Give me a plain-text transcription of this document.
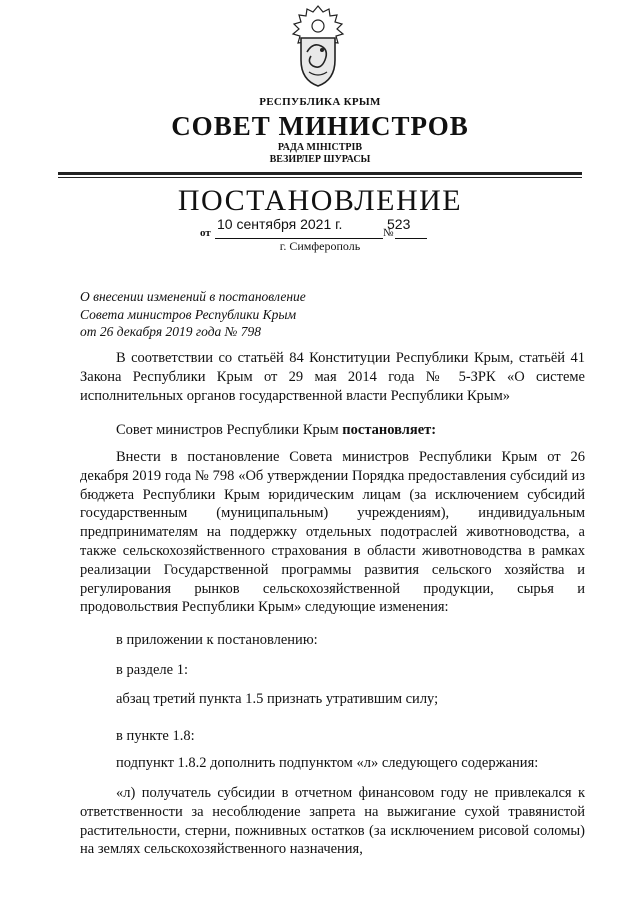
РЕСПУБЛИКА КРЫМ
СОВЕТ МИНИСТРОВ
РАДА МІНІСТРІВ
ВЕЗИРЛЕР ШУРАСЫ
ПОСТАНОВЛЕНИЕ
10 сентября 2021 г.	523
от	№
г. Симферополь
О внесении изменений в постановление
Совета министров Республики Крым
от 26 декабря 2019 года № 798
В соответствии со статьёй 84 Конституции Республики Крым, статьёй 41 Закона Республики Крым от 29 мая 2014 года № 5-ЗРК «О системе исполнительных органов государственной власти Республики Крым»
Совет министров Республики Крым постановляет:
Внести в постановление Совета министров Республики Крым от 26 декабря 2019 года № 798 «Об утверждении Порядка предоставления субсидий из бюджета Республики Крым юридическим лицам (за исключением субсидий государственным (муниципальным) учреждениям), индивидуальным предпринимателям на поддержку отдельных подотраслей животноводства, а также сельскохозяйственного страхования в области животноводства в рамках реализации Государственной программы развития сельского хозяйства и регулирования рынков сельскохозяйственной продукции, сырья и продовольствия Республики Крым» следующие изменения:
в приложении к постановлению:
в разделе 1:
абзац третий пункта 1.5 признать утратившим силу;
в пункте 1.8:
подпункт 1.8.2 дополнить подпунктом «л» следующего содержания:
«л) получатель субсидии в отчетном финансовом году не привлекался к ответственности за несоблюдение запрета на выжигание сухой травянистой растительности, стерни, пожнивных остатков (за исключением рисовой соломы) на землях сельскохозяйственного назначения,
